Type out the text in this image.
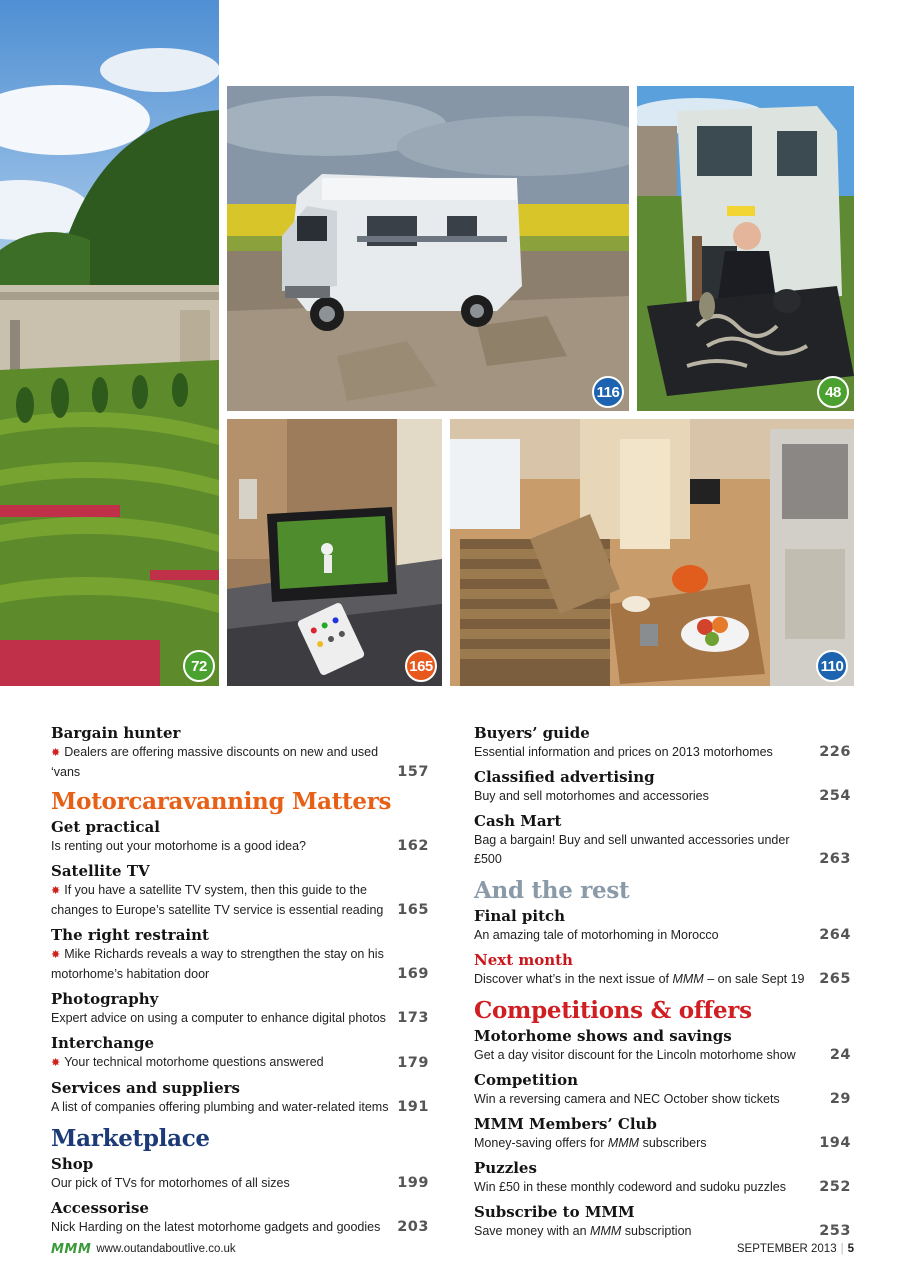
116	48
72	165	110
Bargain hunter
✸ Dealers are offering massive discounts on new and used ‘vans	157
Motorcaravanning Matters
Get practical
Is renting out your motorhome is a good idea?	162
Satellite TV
✸ If you have a satellite TV system, then this guide to the changes to Europe’s satellite TV service is essential reading 165
The right restraint
✸ Mike Richards reveals a way to strengthen the stay on his motorhome’s habitation door	169
Photography
Expert advice on using a computer to enhance digital photos 173
Interchange
✸ Your technical motorhome questions answered	179
Services and suppliers
A list of companies offering plumbing and water-related items 191
Marketplace
Shop
Our pick of TVs for motorhomes of all sizes	199
Accessorise
Nick Harding on the latest motorhome gadgets and goodies	203
Buyers’ guide
Essential information and prices on 2013 motorhomes	226
Classified advertising
Buy and sell motorhomes and accessories	254
Cash Mart
Bag a bargain! Buy and sell unwanted accessories under £500	263
And the rest
Final pitch
An amazing tale of motorhoming in Morocco	264
Next month
Discover what’s in the next issue of MMM – on sale Sept 19	265
Competitions & offers
Motorhome shows and savings
Get a day visitor discount for the Lincoln motorhome show	24
Competition
Win a reversing camera and NEC October show tickets	29
MMM Members’ Club
Money-saving offers for MMM subscribers	194
Puzzles
Win £50 in these monthly codeword and sudoku puzzles	252
Subscribe to MMM
Save money with an MMM subscription	253
MMM www.outandaboutlive.co.uk	SEPTEMBER 2013 | 5
